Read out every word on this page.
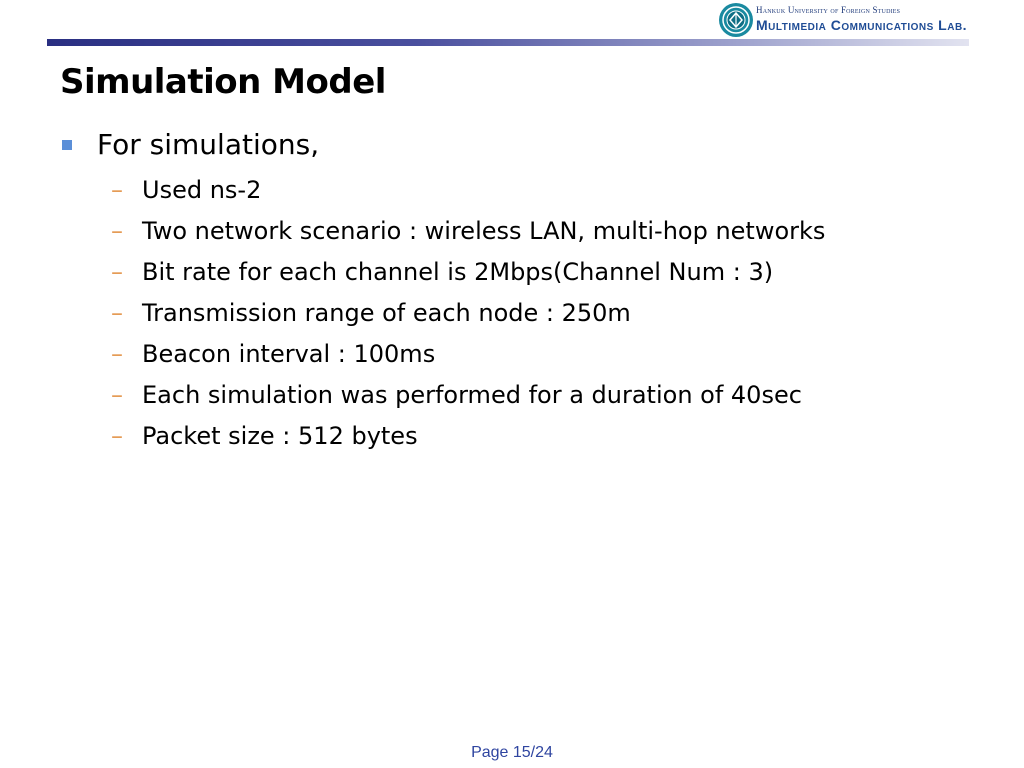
Hankuk University of Foreign Studies
Multimedia Communications Lab.
Simulation Model
For simulations,
– Used ns-2
– Two network scenario : wireless LAN, multi-hop networks
– Bit rate for each channel is 2Mbps(Channel Num : 3)
– Transmission range of each node : 250m
– Beacon interval : 100ms
– Each simulation was performed for a duration of 40sec
– Packet size : 512 bytes
Page 15/24
